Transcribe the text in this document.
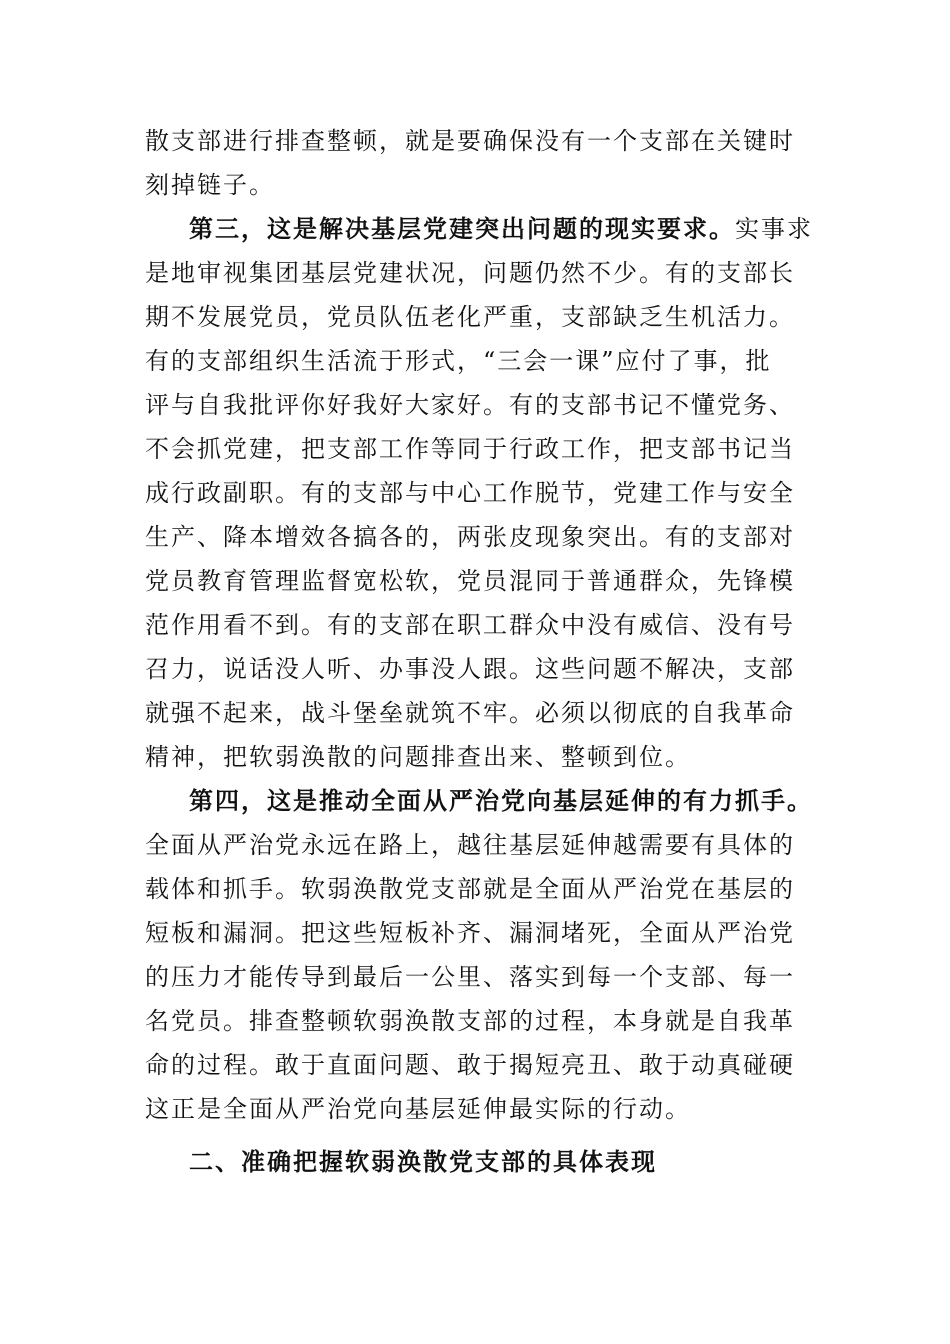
散支部进行排查整顿，就是要确保没有一个支部在关键时
刻掉链子。
第三，这是解决基层党建突出问题的现实要求。实事求
是地审视集团基层党建状况，问题仍然不少。有的支部长
期不发展党员，党员队伍老化严重，支部缺乏生机活力。
有的支部组织生活流于形式，“三会一课”应付了事，批
评与自我批评你好我好大家好。有的支部书记不懂党务、
不会抓党建，把支部工作等同于行政工作，把支部书记当
成行政副职。有的支部与中心工作脱节，党建工作与安全
生产、降本增效各搞各的，两张皮现象突出。有的支部对
党员教育管理监督宽松软，党员混同于普通群众，先锋模
范作用看不到。有的支部在职工群众中没有威信、没有号
召力，说话没人听、办事没人跟。这些问题不解决，支部
就强不起来，战斗堡垒就筑不牢。必须以彻底的自我革命
精神，把软弱涣散的问题排查出来、整顿到位。
第四，这是推动全面从严治党向基层延伸的有力抓手。
全面从严治党永远在路上，越往基层延伸越需要有具体的
载体和抓手。软弱涣散党支部就是全面从严治党在基层的
短板和漏洞。把这些短板补齐、漏洞堵死，全面从严治党
的压力才能传导到最后一公里、落实到每一个支部、每一
名党员。排查整顿软弱涣散支部的过程，本身就是自我革
命的过程。敢于直面问题、敢于揭短亮丑、敢于动真碰硬
这正是全面从严治党向基层延伸最实际的行动。
二、准确把握软弱涣散党支部的具体表现
